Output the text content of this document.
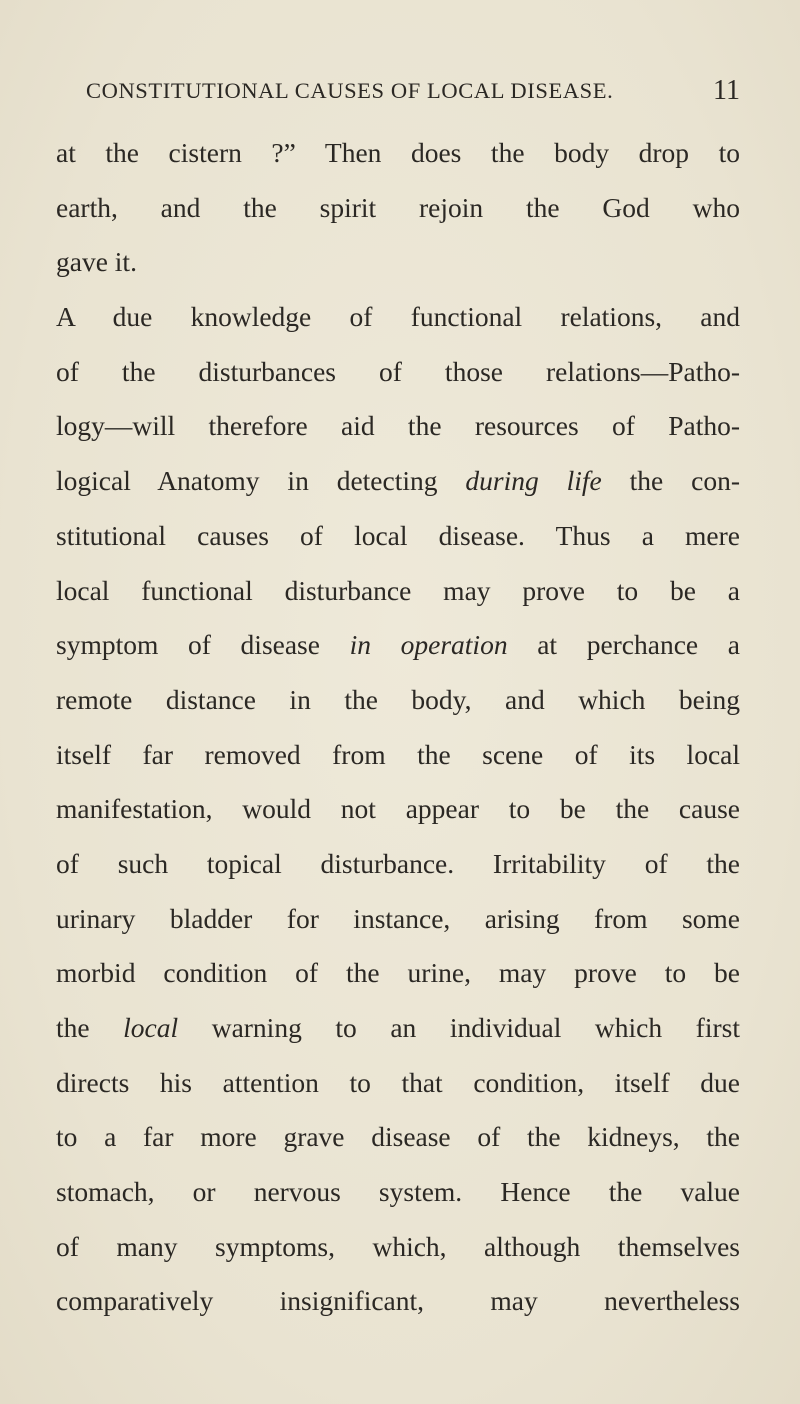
CONSTITUTIONAL CAUSES OF LOCAL DISEASE.	11
at the cistern ?” Then does the body drop to
earth, and the spirit rejoin the God who
gave it.
A due knowledge of functional relations, and
of the disturbances of those relations—Patho-
logy—will therefore aid the resources of Patho-
logical Anatomy in detecting during life the con-
stitutional causes of local disease. Thus a mere
local functional disturbance may prove to be a
symptom of disease in operation at perchance a
remote distance in the body, and which being
itself far removed from the scene of its local
manifestation, would not appear to be the cause
of such topical disturbance. Irritability of the
urinary bladder for instance, arising from some
morbid condition of the urine, may prove to be
the local warning to an individual which first
directs his attention to that condition, itself due
to a far more grave disease of the kidneys, the
stomach, or nervous system. Hence the value
of many symptoms, which, although themselves
comparatively insignificant, may nevertheless
